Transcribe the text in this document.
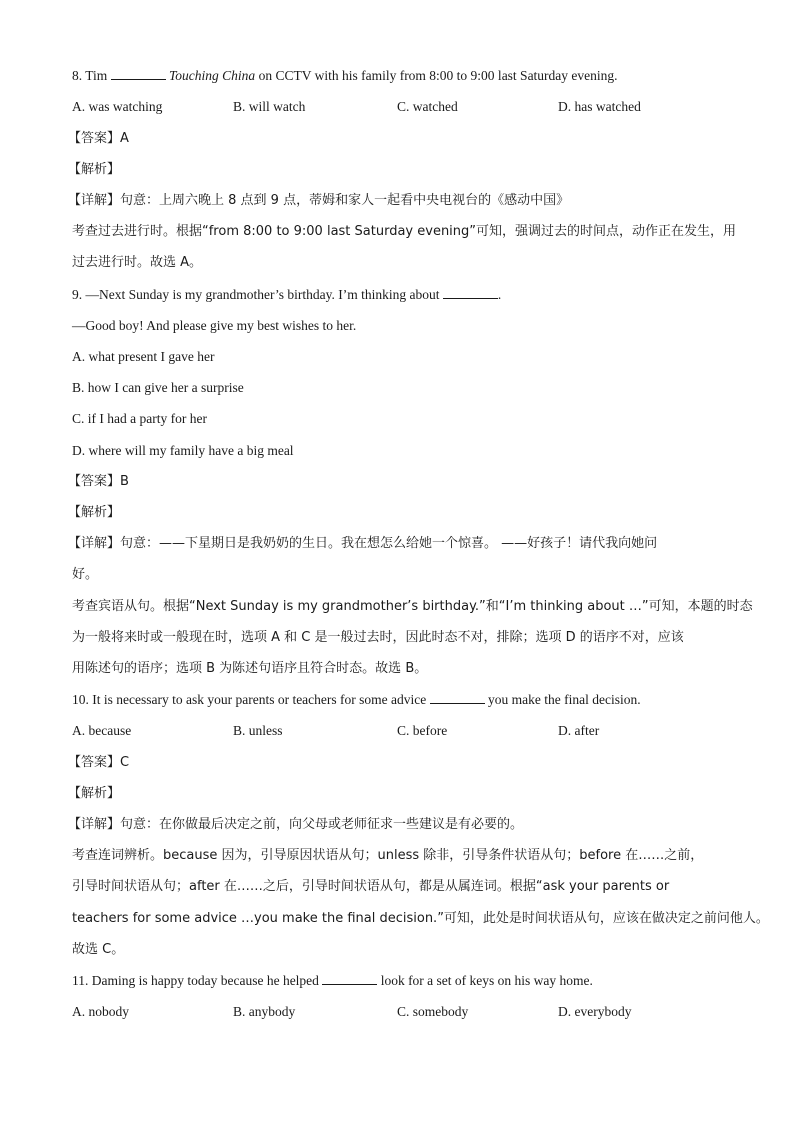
8. Tim	Touching China on CCTV with his family from 8:00 to 9:00 last Saturday evening.
A. was watching	B. will watch	C. watched	D. has watched
【答案】A
【解析】
【详解】句意：上周六晚上 8 点到 9 点，蒂姆和家人一起看中央电视台的《感动中国》
考查过去进行时。根据“from 8:00 to 9:00 last Saturday evening”可知，强调过去的时间点，动作正在发生，用
过去进行时。故选 A。
9. —Next Sunday is my grandmother’s birthday. I’m thinking about	.
—Good boy! And please give my best wishes to her.
A. what present I gave her
B. how I can give her a surprise
C. if I had a party for her
D. where will my family have a big meal
【答案】B
【解析】
【详解】句意：——下星期日是我奶奶的生日。我在想怎么给她一个惊喜。 ——好孩子！请代我向她问
好。
考查宾语从句。根据“Next Sunday is my grandmother’s birthday.”和“I’m thinking about …”可知，本题的时态
为一般将来时或一般现在时，选项 A 和 C 是一般过去时，因此时态不对，排除；选项 D 的语序不对，应该
用陈述句的语序；选项 B 为陈述句语序且符合时态。故选 B。
10. It is necessary to ask your parents or teachers for some advice	you make the final decision.
A. because	B. unless	C. before	D. after
【答案】C
【解析】
【详解】句意：在你做最后决定之前，向父母或老师征求一些建议是有必要的。
考查连词辨析。because 因为，引导原因状语从句；unless 除非，引导条件状语从句；before 在……之前，
引导时间状语从句；after 在……之后，引导时间状语从句，都是从属连词。根据“ask your parents or
teachers for some advice …you make the final decision.”可知，此处是时间状语从句，应该在做决定之前问他人。
故选 C。
11. Daming is happy today because he helped	look for a set of keys on his way home.
A. nobody	B. anybody	C. somebody	D. everybody
